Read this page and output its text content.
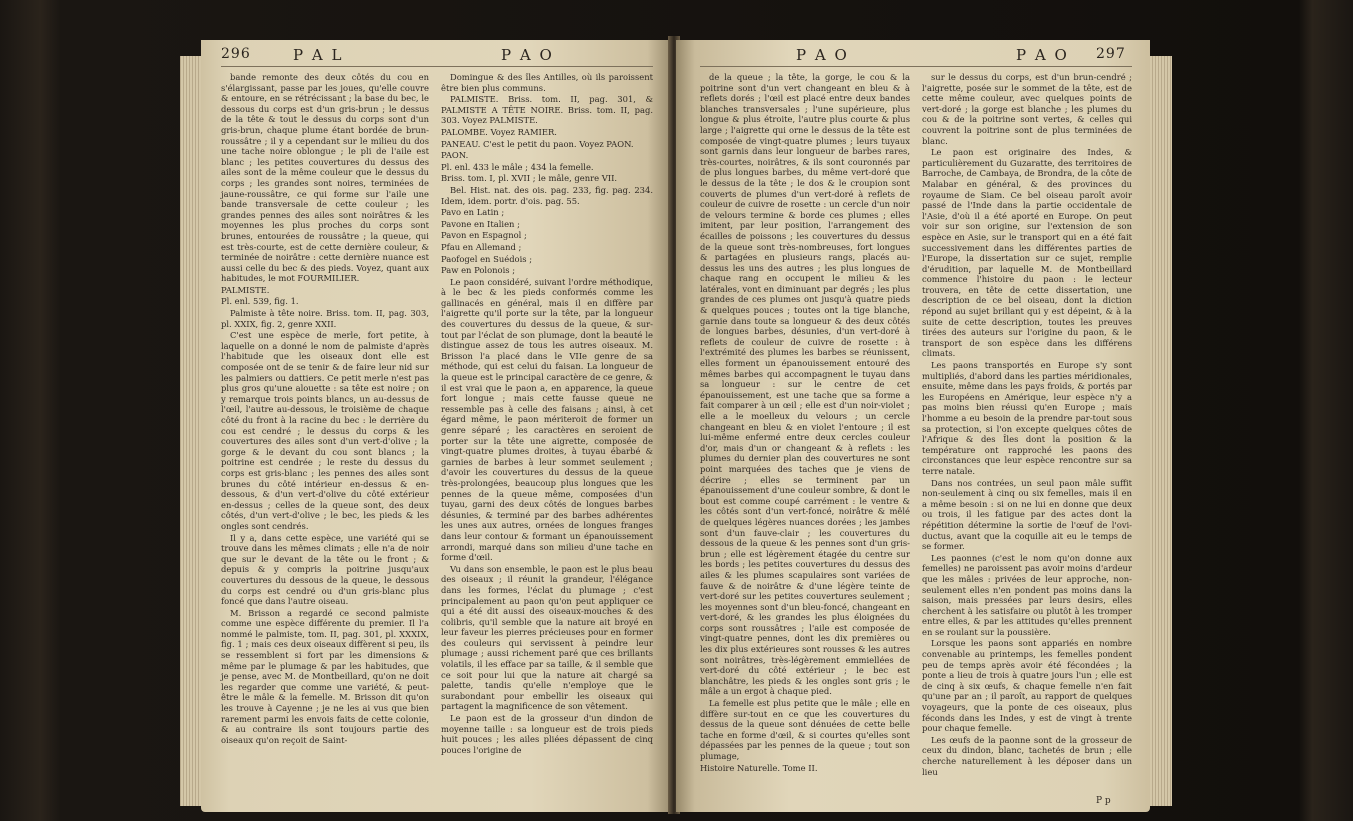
296	P A L	P A O

bande remonte des deux côtés du cou en s'élargissant, passe par les joues, qu'elle couvre & entoure, en se rétrécissant ; la base du bec, le dessous du corps est d'un gris-brun ; le dessus de la tête & tout le dessus du corps sont d'un gris-brun, chaque plume étant bordée de brun-roussâtre ; il y a cependant sur le milieu du dos une tache noire oblongue ; le pli de l'aile est blanc ; les petites couvertures du dessus des ailes sont de la même couleur que le dessus du corps ; les grandes sont noires, terminées de jaune-roussâtre, ce qui forme sur l'aile une bande transversale de cette couleur ; les grandes pennes des ailes sont noirâtres & les moyennes les plus proches du corps sont brunes, entourées de roussâtre ; la queue, qui est très-courte, est de cette dernière couleur, & terminée de noirâtre : cette dernière nuance est aussi celle du bec & des pieds. Voyez, quant aux habitudes, le mot FOURMILIER.

PALMISTE.

Pl. enl. 539, fig. 1.

Palmiste à tête noire. Briss. tom. II, pag. 303, pl. XXIX, fig. 2, genre XXII.

C'est une espèce de merle, fort petite, à laquelle on a donné le nom de palmiste d'après l'habitude que les oiseaux dont elle est composée ont de se tenir & de faire leur nid sur les palmiers ou dattiers. Ce petit merle n'est pas plus gros qu'une alouette : sa tête est noire ; on y remarque trois points blancs, un au-dessus de l'œil, l'autre au-dessous, le troisième de chaque côté du front à la racine du bec : le derrière du cou est cendré ; le dessus du corps & les couvertures des ailes sont d'un vert-d'olive ; la gorge & le devant du cou sont blancs ; la poitrine est cendrée ; le reste du dessus du corps est gris-blanc ; les pennes des ailes sont brunes du côté intérieur en-dessus & en-dessous, & d'un vert-d'olive du côté extérieur en-dessus ; celles de la queue sont, des deux côtés, d'un vert-d'olive ; le bec, les pieds & les ongles sont cendrés.

Il y a, dans cette espèce, une variété qui se trouve dans les mêmes climats ; elle n'a de noir que sur le devant de la tête ou le front ; & depuis & y compris la poitrine jusqu'aux couvertures du dessous de la queue, le dessous du corps est cendré ou d'un gris-blanc plus foncé que dans l'autre oiseau.

M. Brisson a regardé ce second palmiste comme une espèce différente du premier. Il l'a nommé le palmiste, tom. II, pag. 301, pl. XXXIX, fig. 1 ; mais ces deux oiseaux diffèrent si peu, ils se ressemblent si fort par les dimensions & même par le plumage & par les habitudes, que je pense, avec M. de Montbeillard, qu'on ne doit les regarder que comme une variété, & peut-être le mâle & la femelle. M. Brisson dit qu'on les trouve à Cayenne ; je ne les ai vus que bien rarement parmi les envois faits de cette colonie, & au contraire ils sont toujours partie des oiseaux qu'on reçoit de Saint-

Domingue & des îles Antilles, où ils paroissent être bien plus communs.

PALMISTE. Briss. tom. II, pag. 301, & PALMISTE A TÊTE NOIRE. Briss. tom. II, pag. 303. Voyez PALMISTE.

PALOMBE. Voyez RAMIER.

PANEAU. C'est le petit du paon. Voyez PAON.

PAON.

Pl. enl. 433 le mâle ; 434 la femelle.

Briss. tom. I, pl. XVII ; le mâle, genre VII.

Bel. Hist. nat. des ois. pag. 233, fig. pag. 234. Idem, idem. portr. d'ois. pag. 55.

Pavo en Latin ;

Pavone en Italien ;

Pavon en Espagnol ;

Pfau en Allemand ;

Paofogel en Suédois ;

Paw en Polonois ;

Le paon considéré, suivant l'ordre méthodique, à le bec & les pieds conformés comme les gallinacés en général, mais il en diffère par l'aigrette qu'il porte sur la tête, par la longueur des couvertures du dessus de la queue, & sur-tout par l'éclat de son plumage, dont la beauté le distingue assez de tous les autres oiseaux. M. Brisson l'a placé dans le VIIe genre de sa méthode, qui est celui du faisan. La longueur de la queue est le principal caractère de ce genre, & il est vrai que le paon a, en apparence, la queue fort longue ; mais cette fausse queue ne ressemble pas à celle des faisans ; ainsi, à cet égard même, le paon mériteroit de former un genre séparé ; les caractères en seroient de porter sur la tête une aigrette, composée de vingt-quatre plumes droites, à tuyau ébarbé & garnies de barbes à leur sommet seulement ; d'avoir les couvertures du dessus de la queue très-prolongées, beaucoup plus longues que les pennes de la queue même, composées d'un tuyau, garni des deux côtés de longues barbes désunies, & terminé par des barbes adhérentes les unes aux autres, ornées de longues franges dans leur contour & formant un épanouissement arrondi, marqué dans son milieu d'une tache en forme d'œil.

Vu dans son ensemble, le paon est le plus beau des oiseaux ; il réunit la grandeur, l'élégance dans les formes, l'éclat du plumage ; c'est principalement au paon qu'on peut appliquer ce qui a été dit aussi des oiseaux-mouches & des colibris, qu'il semble que la nature ait broyé en leur faveur les pierres précieuses pour en former des couleurs qui servissent à peindre leur plumage ; aussi richement paré que ces brillants volatils, il les efface par sa taille, & il semble que ce soit pour lui que la nature ait chargé sa palette, tandis qu'elle n'employe que le surabondant pour embellir les oiseaux qui partagent la magnificence de son vêtement.

Le paon est de la grosseur d'un dindon de moyenne taille : sa longueur est de trois pieds huit pouces ; les ailes pliées dépassent de cinq pouces l'origine de

P A O	P A O 297

de la queue ; la tête, la gorge, le cou & la poitrine sont d'un vert changeant en bleu & à reflets dorés ; l'œil est placé entre deux bandes blanches transversales ; l'une supérieure, plus longue & plus étroite, l'autre plus courte & plus large ; l'aigrette qui orne le dessus de la tête est composée de vingt-quatre plumes ; leurs tuyaux sont garnis dans leur longueur de barbes rares, très-courtes, noirâtres, & ils sont couronnés par de plus longues barbes, du même vert-doré que le dessus de la tête ; le dos & le croupion sont couverts de plumes d'un vert-doré à reflets de couleur de cuivre de rosette : un cercle d'un noir de velours termine & borde ces plumes ; elles imitent, par leur position, l'arrangement des écailles de poissons ; les couvertures du dessus de la queue sont très-nombreuses, fort longues & partagées en plusieurs rangs, placés au-dessus les uns des autres ; les plus longues de chaque rang en occupent le milieu & les latérales, vont en diminuant par degrés ; les plus grandes de ces plumes ont jusqu'à quatre pieds & quelques pouces ; toutes ont la tige blanche, garnie dans toute sa longueur & des deux côtés de longues barbes, désunies, d'un vert-doré à reflets de couleur de cuivre de rosette : à l'extrémité des plumes les barbes se réunissent, elles forment un épanouissement entouré des mêmes barbes qui accompagnent le tuyau dans sa longueur : sur le centre de cet épanouissement, est une tache que sa forme a fait comparer à un œil ; elle est d'un noir-violet ; elle a le moelleux du velours ; un cercle changeant en bleu & en violet l'entoure ; il est lui-même enfermé entre deux cercles couleur d'or, mais d'un or changeant & à reflets : les plumes du dernier plan des couvertures ne sont point marquées des taches que je viens de décrire ; elles se terminent par un épanouissement d'une couleur sombre, & dont le bout est comme coupé carrément : le ventre & les côtés sont d'un vert-foncé, noirâtre & mêlé de quelques légères nuances dorées ; les jambes sont d'un fauve-clair ; les couvertures du dessous de la queue & les pennes sont d'un gris-brun ; elle est légèrement étagée du centre sur les bords ; les petites couvertures du dessus des ailes & les plumes scapulaires sont variées de fauve & de noirâtre & d'une légère teinte de vert-doré sur les petites couvertures seulement ; les moyennes sont d'un bleu-foncé, changeant en vert-doré, & les grandes les plus éloignées du corps sont roussâtres ; l'aile est composée de vingt-quatre pennes, dont les dix premières ou les dix plus extérieures sont rousses & les autres sont noirâtres, très-légèrement emmiellées de vert-doré du côté extérieur ; le bec est blanchâtre, les pieds & les ongles sont gris ; le mâle a un ergot à chaque pied.

La femelle est plus petite que le mâle ; elle en diffère sur-tout en ce que les couvertures du dessus de la queue sont dénuées de cette belle tache en forme d'œil, & si courtes qu'elles sont dépassées par les pennes de la queue ; tout son plumage,

Histoire Naturelle. Tome II.

sur le dessus du corps, est d'un brun-cendré ; l'aigrette, posée sur le sommet de la tête, est de cette même couleur, avec quelques points de vert-doré ; la gorge est blanche ; les plumes du cou & de la poitrine sont vertes, & celles qui couvrent la poitrine sont de plus terminées de blanc.

Le paon est originaire des Indes, & particulièrement du Guzaratte, des territoires de Barroche, de Cambaya, de Brondra, de la côte de Malabar en général, & des provinces du royaume de Siam. Ce bel oiseau paroît avoir passé de l'Inde dans la partie occidentale de l'Asie, d'où il a été aporté en Europe. On peut voir sur son origine, sur l'extension de son espèce en Asie, sur le transport qui en a été fait successivement dans les différentes parties de l'Europe, la dissertation sur ce sujet, remplie d'érudition, par laquelle M. de Montbeillard commence l'histoire du paon : le lecteur trouvera, en tête de cette dissertation, une description de ce bel oiseau, dont la diction répond au sujet brillant qui y est dépeint, & à la suite de cette description, toutes les preuves tirées des auteurs sur l'origine du paon, & le transport de son espèce dans les différens climats.

Les paons transportés en Europe s'y sont multipliés, d'abord dans les parties méridionales, ensuite, même dans les pays froids, & portés par les Européens en Amérique, leur espèce n'y a pas moins bien réussi qu'en Europe ; mais l'homme a eu besoin de la prendre par-tout sous sa protection, si l'on excepte quelques côtes de l'Afrique & des Îles dont la position & la température ont rapproché les paons des circonstances que leur espèce rencontre sur sa terre natale.

Dans nos contrées, un seul paon mâle suffit non-seulement à cinq ou six femelles, mais il en a même besoin : si on ne lui en donne que deux ou trois, il les fatigue par des actes dont la répétition détermine la sortie de l'œuf de l'ovi-ductus, avant que la coquille ait eu le temps de se former.

Les paonnes (c'est le nom qu'on donne aux femelles) ne paroissent pas avoir moins d'ardeur que les mâles : privées de leur approche, non-seulement elles n'en pondent pas moins dans la saison, mais pressées par leurs desirs, elles cherchent à les satisfaire ou plutôt à les tromper entre elles, & par les attitudes qu'elles prennent en se roulant sur la poussière.

Lorsque les paons sont appariés en nombre convenable au printemps, les femelles pondent peu de temps après avoir été fécondées ; la ponte a lieu de trois à quatre jours l'un ; elle est de cinq à six œufs, & chaque femelle n'en fait qu'une par an ; il paroît, au rapport de quelques voyageurs, que la ponte de ces oiseaux, plus féconds dans les Indes, y est de vingt à trente pour chaque femelle.

Les œufs de la paonne sont de la grosseur de ceux du dindon, blanc, tachetés de brun ; elle cherche naturellement à les déposer dans un lieu

P p
